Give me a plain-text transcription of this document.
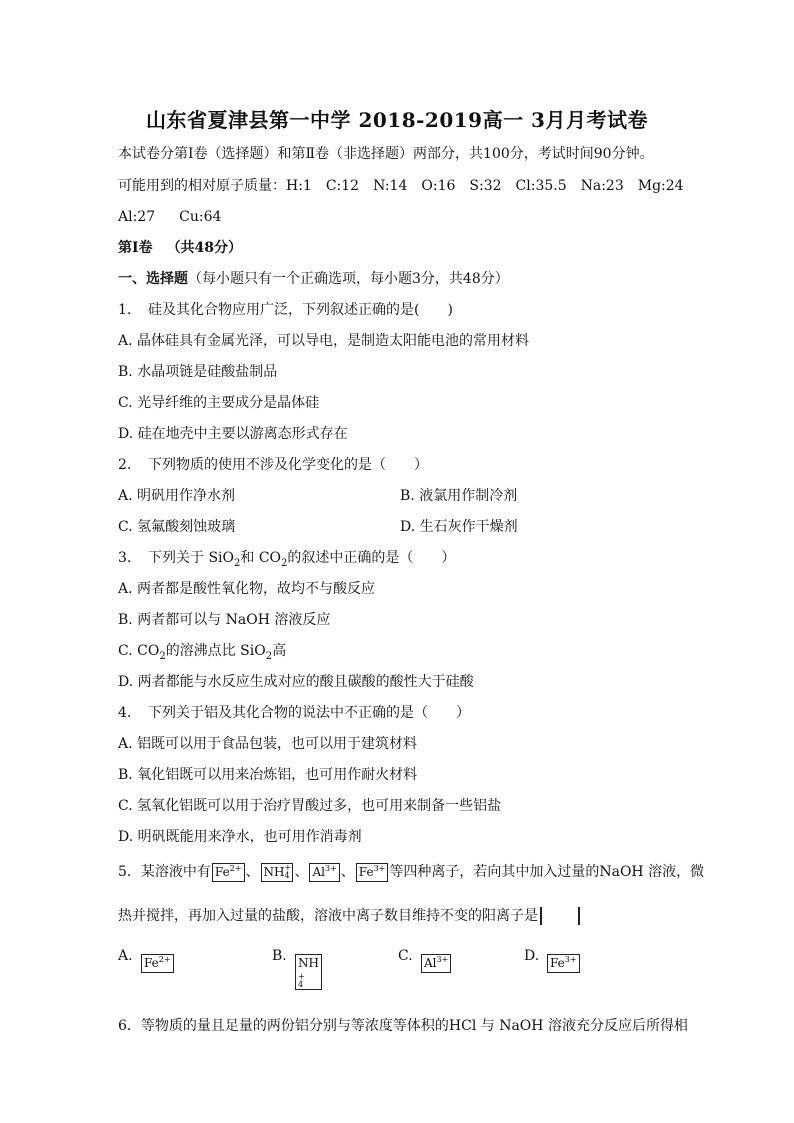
山东省夏津县第一中学 2018-2019高一 3月月考试卷
本试卷分第Ⅰ卷（选择题）和第Ⅱ卷（非选择题）两部分，共100分，考试时间90分钟。
可能用到的相对原子质量：H:1 C:12 N:14 O:16 S:32 Cl:35.5 Na:23 Mg:24
Al:27 Cu:64
第Ⅰ卷 （共48分）
一、选择题（每小题只有一个正确选项，每小题3分，共48分）
1. 硅及其化合物应用广泛，下列叙述正确的是(　　)
A. 晶体硅具有金属光泽，可以导电，是制造太阳能电池的常用材料
B. 水晶项链是硅酸盐制品
C. 光导纤维的主要成分是晶体硅
D. 硅在地壳中主要以游离态形式存在
2. 下列物质的使用不涉及化学变化的是（　　）
A. 明矾用作净水剂	B. 液氯用作制冷剂
C. 氢氟酸刻蚀玻璃	D. 生石灰作干燥剂
3. 下列关于 SiO$_2$和 $CO_2$的叙述中正确的是（　　）
A. 两者都是酸性氧化物，故均不与酸反应
B. 两者都可以与 NaOH 溶液反应
C. $CO_2$的溶沸点比 SiO$_2$高
D. 两者都能与水反应生成对应的酸且碳酸的酸性大于硅酸
4. 下列关于铝及其化合物的说法中不正确的是（　　）
A. 铝既可以用于食品包装，也可以用于建筑材料
B. 氧化铝既可以用来冶炼铝，也可用作耐火材料
C. 氢氧化铝既可以用于治疗胃酸过多，也可用来制备一些铝盐
D. 明矾既能用来净水，也可用作消毒剂
5．某溶液中有 $Fe^{2+}$ 、 NH +
4 、 $Al^{3+}$ 、 $Fe^{3+}$ 等四种离子，若向其中加入过量的NaOH 溶液，微
热并搅拌，再加入过量的盐酸，溶液中离子数目维持不变的阳离子是
A. $Fe^{2+}$	B. NH
+
4
C. $Al^{3+}$	D. $Fe^{3+}$
6．等物质的量且足量的两份铝分别与等浓度等体积的HCl 与 NaOH 溶液充分反应后所得相
